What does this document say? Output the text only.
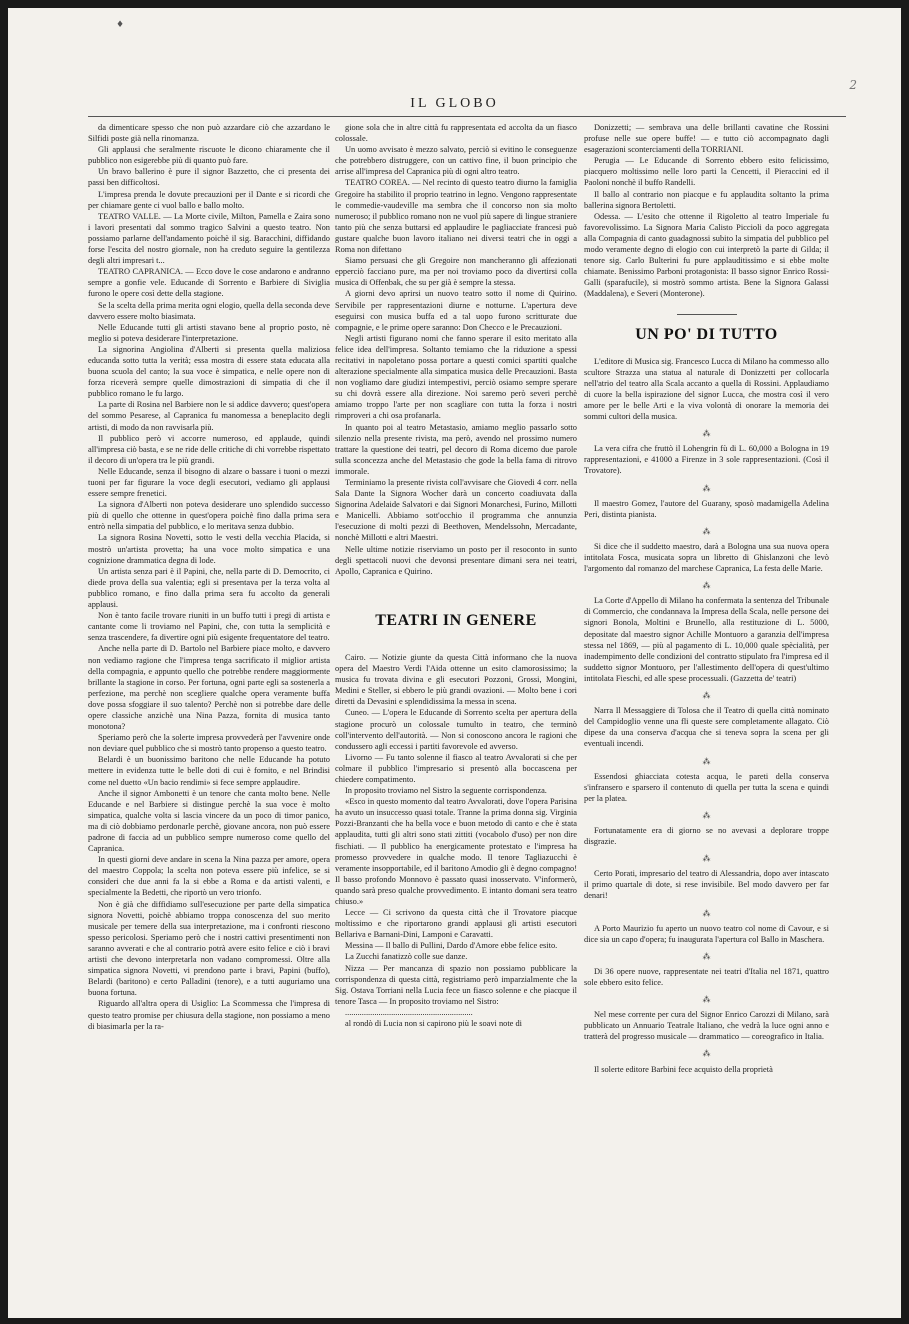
♦
2
IL GLOBO

da dimenticare spesso che non può azzardare ciò che azzardano le Silfidi poste già nella rinomanza.

Gli applausi che seralmente riscuote le dicono chiaramente che il pubblico non esigerebbe più di quanto può fare.

Un bravo ballerino è pure il signor Bazzetto, che ci presenta dei passi ben difficoltosi.

L'impresa prenda le dovute precauzioni per il Dante e si ricordi che per chiamare gente ci vuol ballo e ballo molto.

TEATRO VALLE. — La Morte civile, Milton, Pamella e Zaira sono i lavori presentati dal sommo tragico Salvini a questo teatro. Non possiamo parlarne dell'andamento poichè il sig. Baracchini, diffidando forse l'escita del nostro giornale, non ha creduto seguire la gentilezza degli altri impresari t...

TEATRO CAPRANICA. — Ecco dove le cose andarono e andranno sempre a gonfie vele. Educande di Sorrento e Barbiere di Siviglia furono le opere così dette della stagione.

Se la scelta della prima merita ogni elogio, quella della seconda deve davvero essere molto biasimata.

Nelle Educande tutti gli artisti stavano bene al proprio posto, nè meglio si poteva desiderare l'interpretazione.

La signorina Angiolina d'Alberti si presenta quella maliziosa educanda sotto tutta la verità; essa mostra di essere stata educata alla buona scuola del canto; la sua voce è simpatica, e nelle opere non di forza riceverà sempre quelle dimostrazioni di simpatia di che il pubblico romano le fu largo.

La parte di Rosina nel Barbiere non le si addice davvero; quest'opera del sommo Pesarese, al Capranica fu manomessa a beneplacito degli artisti, di modo da non ravvisarla più.

Il pubblico però vi accorre numeroso, ed applaude, quindi all'impresa ciò basta, e se ne ride delle critiche di chi vorrebbe rispettato il decoro di un'opera tra le più grandi.

Nelle Educande, senza il bisogno di alzare o bassare i tuoni o mezzi tuoni per far figurare la voce degli esecutori, vediamo gli applausi essere sempre frenetici.

La signora d'Alberti non poteva desiderare uno splendido successo più di quello che ottenne in quest'opera poichè fino dalla prima sera entrò nella simpatia del pubblico, e lo meritava senza dubbio.

La signora Rosina Novetti, sotto le vesti della vecchia Placida, si mostrò un'artista provetta; ha una voce molto simpatica e una cognizione drammatica degna di lode.

Un artista senza pari è il Papini, che, nella parte di D. Democrito, ci diede prova della sua valentia; egli si presentava per la terza volta al pubblico romano, e fino dalla prima sera fu accolto da generali applausi.

Non è tanto facile trovare riuniti in un buffo tutti i pregi di artista e cantante come li troviamo nel Papini, che, con tutta la semplicità e senza trascendere, fa divertire ogni più esigente frequentatore del teatro.

Anche nella parte di D. Bartolo nel Barbiere piace molto, e davvero non vediamo ragione che l'impresa tenga sacrificato il miglior artista della compagnia, e appunto quello che potrebbe rendere maggiormente brillante la stagione in corso. Per fortuna, ogni parte egli sa sostenerla a perfezione, ma perchè non scegliere qualche opera veramente buffa dove possa sfoggiare il suo talento? Perchè non si potrebbe dare delle opere classiche anzichè una Nina Pazza, fornita di musica tanto monotona?

Speriamo però che la solerte impresa provvederà per l'avvenire onde non deviare quel pubblico che si mostrò tanto propenso a questo teatro.

Belardi è un buonissimo baritono che nelle Educande ha potuto mettere in evidenza tutte le belle doti di cui è fornito, e nel Brindisi come nel duetto «Un bacio rendimi» si fece sempre applaudire.

Anche il signor Ambonetti è un tenore che canta molto bene. Nelle Educande e nel Barbiere si distingue perchè la sua voce è molto simpatica, qualche volta si lascia vincere da un poco di timor panico, ma di ciò dobbiamo perdonarle perchè, giovane ancora, non può essere padrone di faccia ad un pubblico sempre numeroso come quello del Capranica.

In questi giorni deve andare in scena la Nina pazza per amore, opera del maestro Coppola; la scelta non poteva essere più infelice, se si consideri che due anni fa la si ebbe a Roma e da artisti valenti, e specialmente la Bedetti, che riportò un vero trionfo.

Non è già che diffidiamo sull'esecuzione per parte della simpatica signora Novetti, poichè abbiamo troppa conoscenza del suo merito musicale per temere della sua interpretazione, ma i confronti riescono spesso pericolosi. Speriamo però che i nostri cattivi presentimenti non saranno avverati e che al contrario potrà avere esito felice e ciò i bravi artisti che devono interpretarla non vadano compromessi. Oltre alla simpatica signora Novetti, vi prendono parte i bravi, Papini (buffo), Belardi (baritono) e certo Palladini (tenore), e a tutti auguriamo una buona fortuna.

Riguardo all'altra opera di Usiglio: La Scommessa che l'impresa di questo teatro promise per chiusura della stagione, non possiamo a meno di biasimarla per la ra-

gione sola che in altre città fu rappresentata ed accolta da un fiasco colossale.

Un uomo avvisato è mezzo salvato, perciò si evitino le conseguenze che potrebbero distruggere, con un cattivo fine, il buon principio che arrise all'impresa del Capranica più di ogni altro teatro.

TEATRO COREA. — Nel recinto di questo teatro diurno la famiglia Gregoire ha stabilito il proprio teatrino in legno. Vengono rappresentate le commedie-vaudeville ma sembra che il concorso non sia molto numeroso; il pubblico romano non ne vuol più sapere di lingue straniere tanto più che senza buttarsi ed applaudire le pagliacciate francesi può gustare qualche buon lavoro italiano nei diversi teatri che in oggi a Roma non difettano

Siamo persuasi che gli Gregoire non mancheranno gli affezionati epperciò facciano pure, ma per noi troviamo poco da divertirsi colla musica di Offenbak, che su per già è sempre la stessa.

A giorni devo aprirsi un nuovo teatro sotto il nome di Quirino. Servibile per rappresentazioni diurne e notturne. L'apertura deve eseguirsi con musica buffa ed a tal uopo furono scritturate due compagnie, e le prime opere saranno: Don Checco e le Precauzioni.

Negli artisti figurano nomi che fanno sperare il esito meritato alla felice idea dell'impresa. Soltanto temiamo che la riduzione a spessi recitativi in napoletano possa portare a questi comici spartiti qualche alterazione specialmente alla simpatica musica delle Precauzioni. Basta non vogliamo dare giudizi intempestivi, perciò osiamo sempre sperare su chi dovrà essere alla direzione. Noi saremo però severi perchè amiamo troppo l'arte per non scagliare con tutta la forza i nostri rimproveri a chi osa profanarla.

In quanto poi al teatro Metastasio, amiamo meglio passarlo sotto silenzio nella presente rivista, ma però, avendo nel prossimo numero trattare la questione dei teatri, pel decoro di Roma dicemo due parole sulla sconcezza anche del Metastasio che gode la bella fama di ritrovo immorale.

Terminiamo la presente rivista coll'avvisare che Giovedi 4 corr. nella Sala Dante la Signora Wocher darà un concerto coadiuvata dalla Signorina Adelaide Salvatori e dai Signori Monarchesi, Furino, Millotti e Manicelli. Abbiamo sott'occhio il programma che annunzia l'esecuzione di molti pezzi di Beethoven, Mendelssohn, Mercadante, nonchè Millotti e altri Maestri.

Nelle ultime notizie riserviamo un posto per il resoconto in sunto degli spettacoli nuovi che devonsi presentare dimani sera nei teatri, Apollo, Capranica e Quirino.

TEATRI IN GENERE

Cairo. — Notizie giunte da questa Città informano che la nuova opera del Maestro Verdi l'Aida ottenne un esito clamorosissimo; la musica fu trovata divina e gli esecutori Pozzoni, Grossi, Mongini, Medini e Steller, si ebbero le più grandi ovazioni. — Molto bene i cori diretti da Devasini e splendidissima la messa in scena.

Cuneo. — L'opera le Educande di Sorrento scelta per apertura della stagione procurò un colossale tumulto in teatro, che terminò coll'intervento dell'autorità. — Non si conoscono ancora le ragioni che condussero agli eccessi i partiti favorevole ed avverso.

Livorno — Fu tanto solenne il fiasco al teatro Avvalorati si che per colmare il pubblico l'impresario si presentò alla boccascena per chiedere compatimento.

In proposito troviamo nel Sistro la seguente corrispondenza.

«Esco in questo momento dal teatro Avvalorati, dove l'opera Parisina ha avuto un insuccesso quasi totale. Tranne la prima donna sig. Virginia Pozzi-Branzanti che ha bella voce e buon metodo di canto e che è stata applaudita, tutti gli altri sono stati zittiti (vocabolo d'uso) per non dire fischiati. — Il pubblico ha energicamente protestato e l'impresa ha promesso provvedere in qualche modo. Il tenore Tagliazucchi è veramente insopportabile, ed il baritono Amodio gli è degno compagno! Il basso profondo Monnovo è passato quasi inosservato. V'informerò, quando sarà preso qualche provvedimento. E intanto domani sera teatro chiuso.»

Lecce — Ci scrivono da questa città che il Trovatore piacque moltissimo e che riportarono grandi applausi gli artisti esecutori Bellariva e Barnani-Dini, Lamponi e Caravatti.

Messina — Il ballo di Pullini, Dardo d'Amore ebbe felice esito.

La Zucchi fanatizzò colle sue danze.

Nizza — Per mancanza di spazio non possiamo pubblicare la corrispondenza di questa città, registriamo però imparzialmente che la Sig. Ostava Torriani nella Lucia fece un fiasco solenne e che piacque il tenore Tasca — In proposito troviamo nel Sistro:

.............................................................

al rondò di Lucia non si capirono più le soavi note di

Donizzetti; — sembrava una delle brillanti cavatine che Rossini profuse nelle sue opere buffe! — e tutto ciò accompagnato dagli esagerazioni sconterciamenti della TORRIANI.

Perugia — Le Educande di Sorrento ebbero esito felicissimo, piacquero moltissimo nelle loro parti la Cencetti, il Pieraccini ed il Paoloni nonchè il buffo Randelli.

Il ballo al contrario non piacque e fu applaudita soltanto la prima ballerina signora Bertoletti.

Odessa. — L'esito che ottenne il Rigoletto al teatro Imperiale fu favorevolissimo. La Signora Maria Calisto Piccioli da poco aggregata alla Compagnia di canto guadagnossi subito la simpatia del pubblico pel modo veramente degno di elogio con cui interpretò la parte di Gilda; il tenore sig. Carlo Bulterini fu pure applauditissimo e si ebbe molte chiamate. Benissimo Parboni protagonista: Il basso signor Enrico Rossi-Galli (sparafucile), si mostrò sommo artista. Bene la Signora Galassi (Maddalena), e Severi (Monterone).

UN PO' DI TUTTO

L'editore di Musica sig. Francesco Lucca di Milano ha commesso allo scultore Strazza una statua al naturale di Donizzetti per collocarla nell'atrio del teatro alla Scala accanto a quella di Rossini. Applaudiamo di cuore la bella ispirazione del signor Lucca, che mostra così il vero amore per le belle Arti e la viva volontà di onorare la memoria dei sommi cultori della musica.

⁂

La vera cifra che fruttò il Lohengrin fù di L. 60,000 a Bologna in 19 rappresentazioni, e 41000 a Firenze in 3 sole rappresentazioni. (Così il Trovatore).

⁂

Il maestro Gomez, l'autore del Guarany, sposò madamigella Adelina Peri, distinta pianista.

⁂

Si dice che il suddetto maestro, darà a Bologna una sua nuova opera intitolata Fosca, musicata sopra un libretto di Ghislanzoni che levò l'argomento dal romanzo del marchese Capranica, La festa delle Marie.

⁂

La Corte d'Appello di Milano ha confermata la sentenza del Tribunale di Commercio, che condannava la Impresa della Scala, nelle persone dei signori Bonola, Moltini e Brunello, alla restituzione di L. 5000, depositate dal maestro signor Achille Montuoro a garanzia dell'impresa stessa nel 1869, — più al pagamento di L. 10,000 quale spècialità, per inadempimento delle condizioni del contratto stipulato fra l'impresa ed il suddetto signor Montuoro, per l'allestimento dell'opera di quest'ultimo intitolata Fieschi, ed alle spese processuali. (Gazzetta de' teatri)

⁂

Narra Il Messaggiere di Tolosa che il Teatro di quella città nominato del Campidoglio venne una fli queste sere completamente allagato. Ciò dipese da una conserva d'acqua che si teneva sopra la scena per gli eventuali incendi.

⁂

Essendosi ghiacciata cotesta acqua, le pareti della conserva s'infransero e sparsero il contenuto di quella per tutta la scena e quindi per la platea.

⁂

Fortunatamente era di giorno se no avevasi a deplorare troppe disgrazie.

⁂

Certo Porati, impresario del teatro di Alessandria, dopo aver intascato il primo quartale di dote, si rese invisibile. Bel modo davvero per far denari!

⁂

A Porto Maurizio fu aperto un nuovo teatro col nome di Cavour, e si dice sia un capo d'opera; fu inaugurata l'apertura col Ballo in Maschera.

⁂

Di 36 opere nuove, rappresentate nei teatri d'Italia nel 1871, quattro sole ebbero esito felice.

⁂

Nel mese corrente per cura del Signor Enrico Carozzi di Milano, sarà pubblicato un Annuario Teatrale Italiano, che vedrà la luce ogni anno e tratterà del progresso musicale — drammatico — coreografico in Italia.

⁂

Il solerte editore Barbini fece acquisto della proprietà
